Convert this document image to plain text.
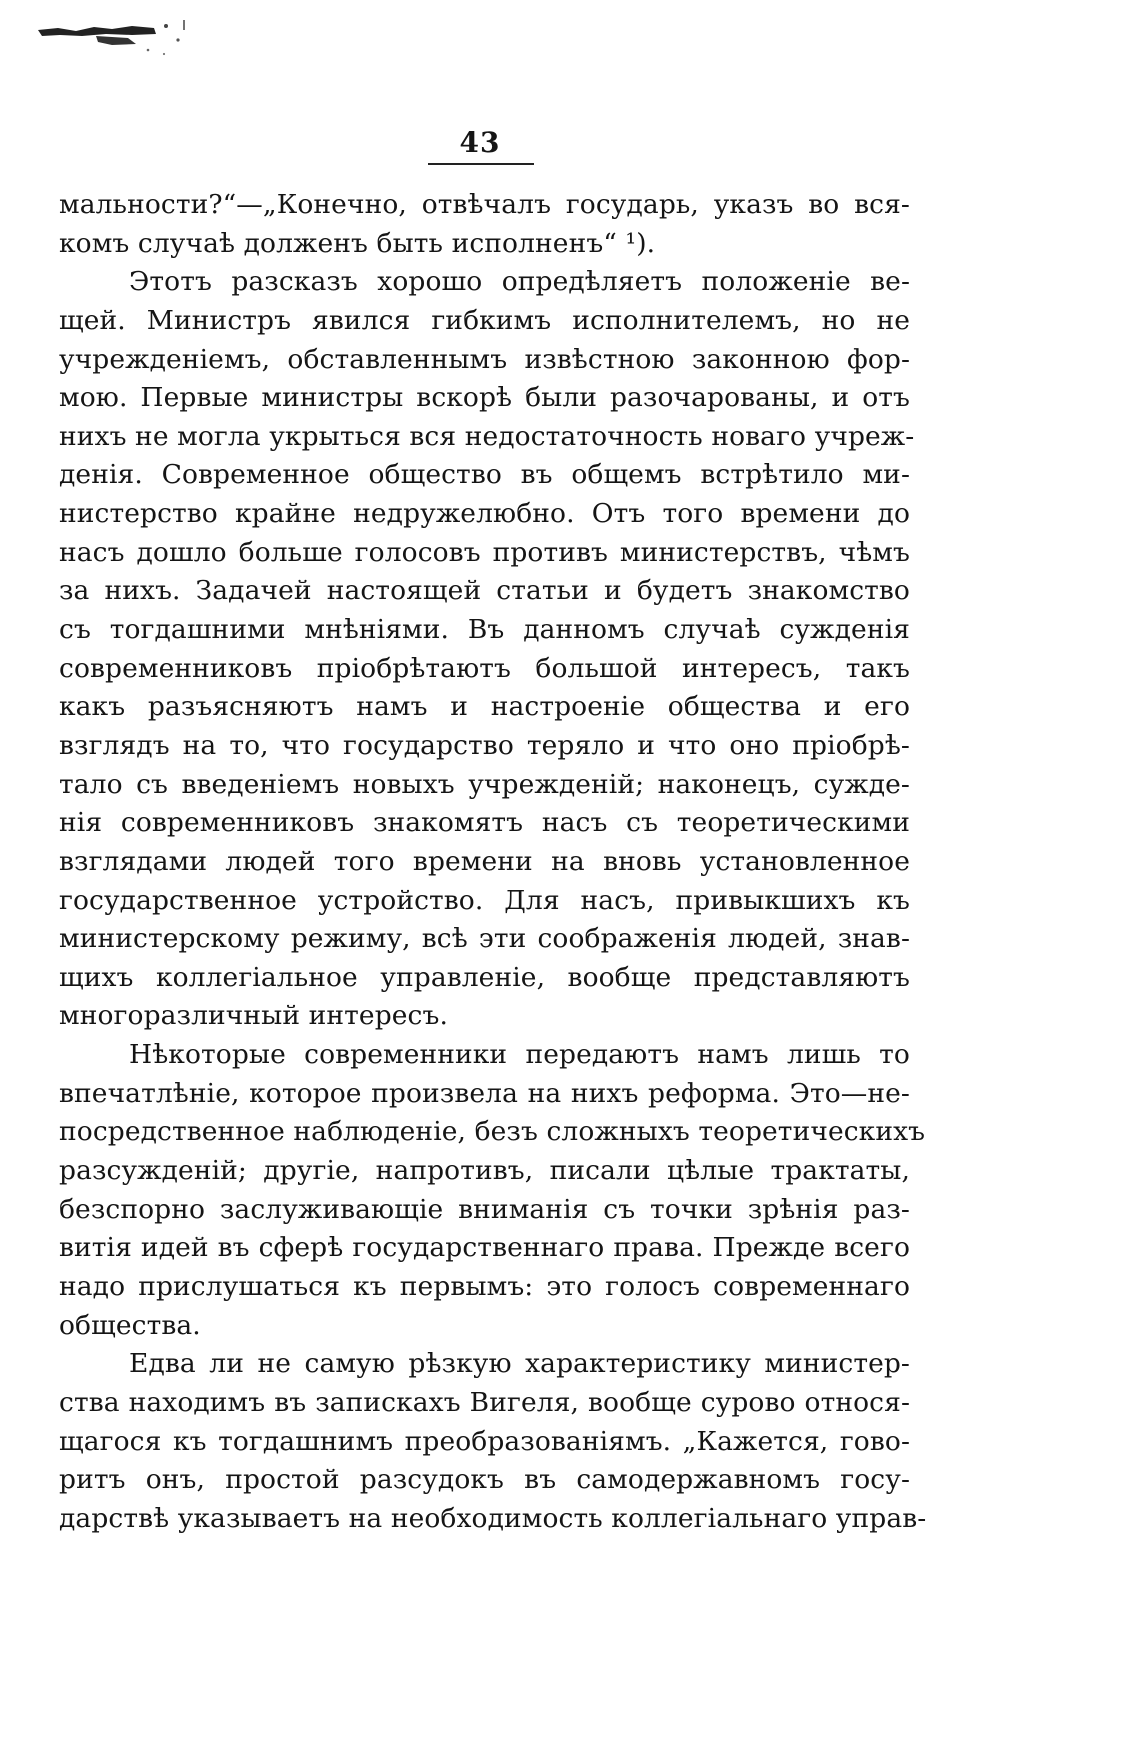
43
мальности?“—„Конечно, отвѣчалъ государь, указъ во вся-
комъ случаѣ долженъ быть исполненъ“ ¹).
Этотъ разсказъ хорошо опредѣляетъ положеніе ве-
щей. Министръ явился гибкимъ исполнителемъ, но не
учрежденіемъ, обставленнымъ извѣстною законною фор-
мою. Первые министры вскорѣ были разочарованы, и отъ
нихъ не могла укрыться вся недостаточность новаго учреж-
денія. Современное общество въ общемъ встрѣтило ми-
нистерство крайне недружелюбно. Отъ того времени до
насъ дошло больше голосовъ противъ министерствъ, чѣмъ
за нихъ. Задачей настоящей статьи и будетъ знакомство
съ тогдашними мнѣніями. Въ данномъ случаѣ сужденія
современниковъ пріобрѣтаютъ большой интересъ, такъ
какъ разъясняютъ намъ и настроеніе общества и его
взглядъ на то, что государство теряло и что оно пріобрѣ-
тало съ введеніемъ новыхъ учрежденій; наконецъ, сужде-
нія современниковъ знакомятъ насъ съ теоретическими
взглядами людей того времени на вновь установленное
государственное устройство. Для насъ, привыкшихъ къ
министерскому режиму, всѣ эти соображенія людей, знав-
щихъ коллегіальное управленіе, вообще представляютъ
многоразличный интересъ.
Нѣкоторые современники передаютъ намъ лишь то
впечатлѣніе, которое произвела на нихъ реформа. Это—не-
посредственное наблюденіе, безъ сложныхъ теоретическихъ
разсужденій; другіе, напротивъ, писали цѣлые трактаты,
безспорно заслуживающіе вниманія съ точки зрѣнія раз-
витія идей въ сферѣ государственнаго права. Прежде всего
надо прислушаться къ первымъ: это голосъ современнаго
общества.
Едва ли не самую рѣзкую характеристику министер-
ства находимъ въ запискахъ Вигеля, вообще сурово относя-
щагося къ тогдашнимъ преобразованіямъ. „Кажется, гово-
ритъ онъ, простой разсудокъ въ самодержавномъ госу-
дарствѣ указываетъ на необходимость коллегіальнаго управ-
